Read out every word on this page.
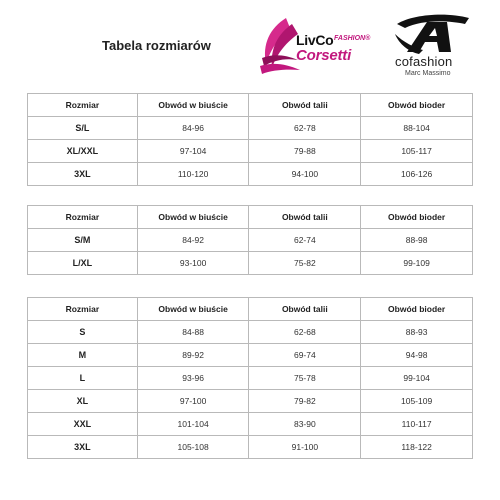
Tabela rozmiarów	LivCo FASHION®
Corsetti	cofashion
Marc Massimo
Rozmiar	Obwód w biuście	Obwód talii	Obwód bioder
S/L	84-96	62-78	88-104
XL/XXL	97-104	79-88	105-117
3XL	110-120	94-100	106-126
Rozmiar	Obwód w biuście	Obwód talii	Obwód bioder
S/M	84-92	62-74	88-98
L/XL	93-100	75-82	99-109
Rozmiar	Obwód w biuście	Obwód talii	Obwód bioder
S	84-88	62-68	88-93
M	89-92	69-74	94-98
L	93-96	75-78	99-104
XL	97-100	79-82	105-109
XXL	101-104	83-90	110-117
3XL	105-108	91-100	118-122
